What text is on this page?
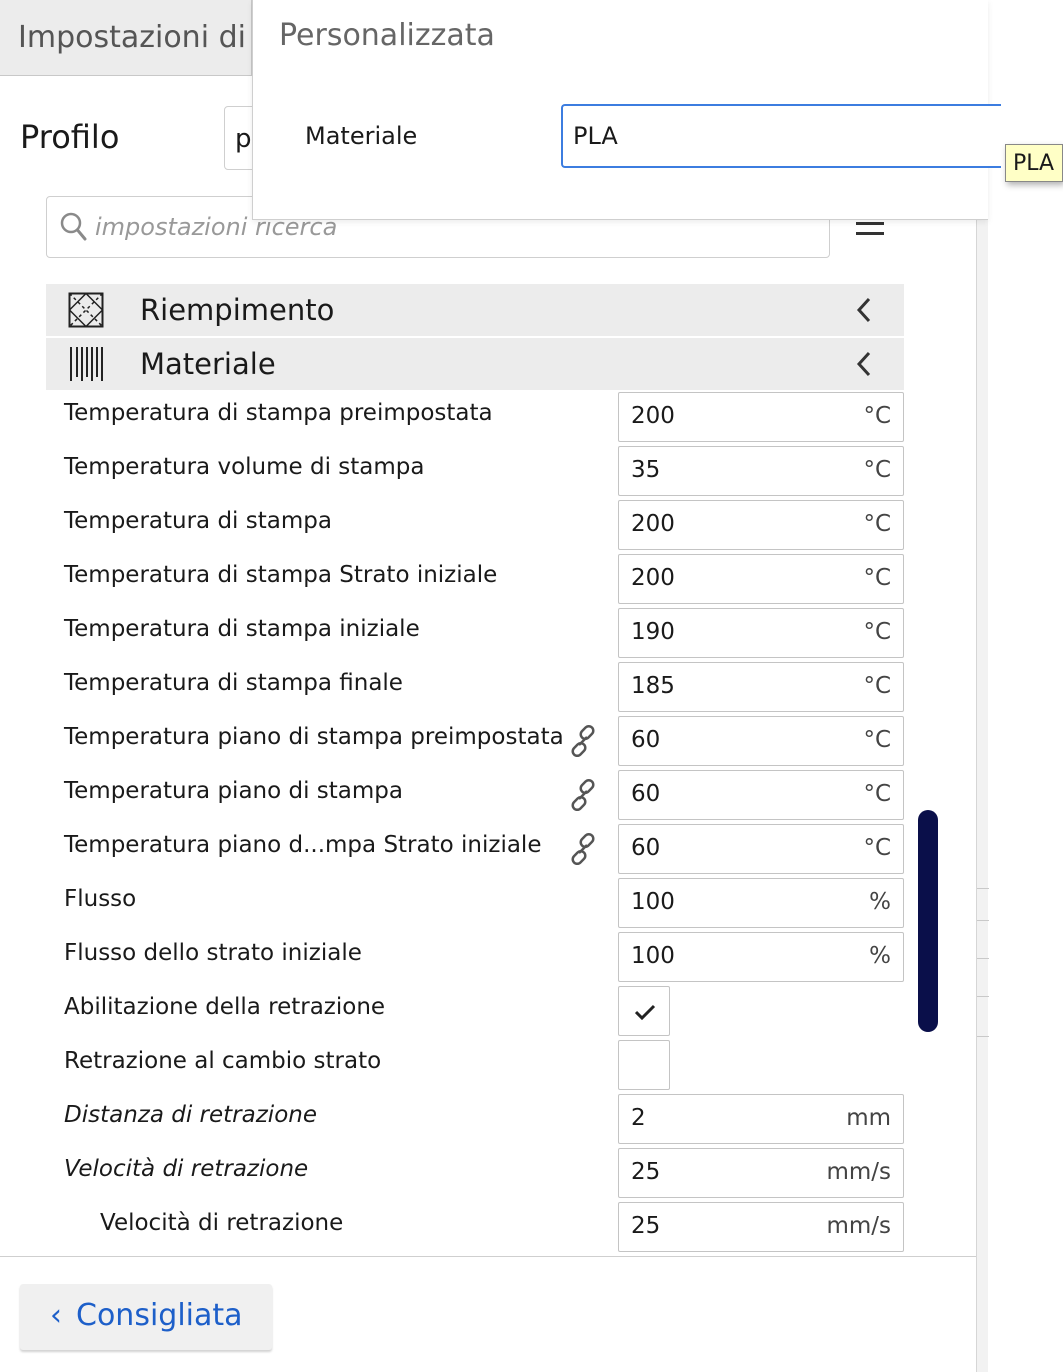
Impostazioni di
Profilo	p
impostazioni ricerca
Personalizzata
Materiale	PLA
PLA
Riempimento
Materiale
Temperatura di stampa preimpostata	200	°C
Temperatura volume di stampa	35	°C
Temperatura di stampa	200	°C
Temperatura di stampa Strato iniziale	200	°C
Temperatura di stampa iniziale	190	°C
Temperatura di stampa finale	185	°C
Temperatura piano di stampa preimpostata	60	°C
Temperatura piano di stampa	60	°C
Temperatura piano d...mpa Strato iniziale	60	°C
Flusso	100	%
Flusso dello strato iniziale	100	%
Abilitazione della retrazione
Retrazione al cambio strato
Distanza di retrazione	2	mm
Velocità di retrazione	25	mm/s
Velocità di retrazione	25	mm/s
‹ Consigliata
